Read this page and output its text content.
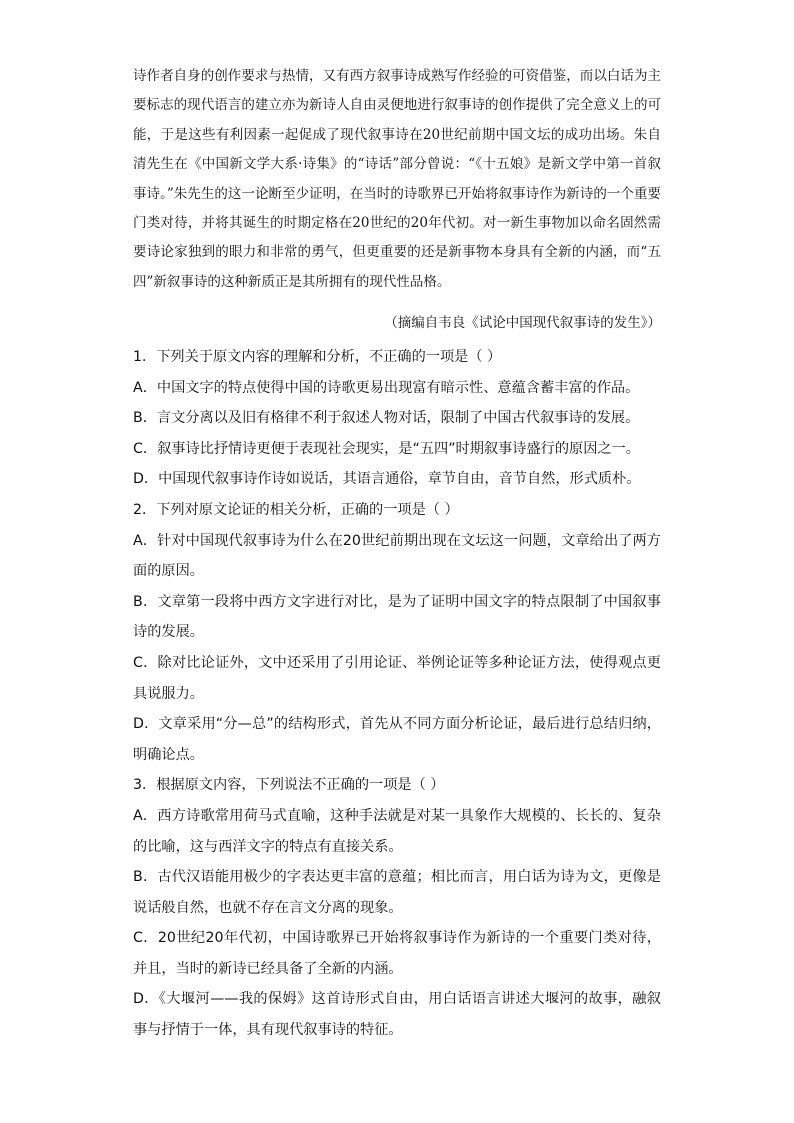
诗作者自身的创作要求与热情，又有西方叙事诗成熟写作经验的可资借鉴，而以白话为主要标志的现代语言的建立亦为新诗人自由灵便地进行叙事诗的创作提供了完全意义上的可能，于是这些有利因素一起促成了现代叙事诗在20世纪前期中国文坛的成功出场。朱自清先生在《中国新文学大系·诗集》的“诗话”部分曾说：“《十五娘》是新文学中第一首叙事诗。”朱先生的这一论断至少证明，在当时的诗歌界已开始将叙事诗作为新诗的一个重要门类对待，并将其诞生的时期定格在20世纪的20年代初。对一新生事物加以命名固然需要诗论家独到的眼力和非常的勇气，但更重要的还是新事物本身具有全新的内涵，而“五四”新叙事诗的这种新质正是其所拥有的现代性品格。

（摘编自韦良《试论中国现代叙事诗的发生》）

1．下列关于原文内容的理解和分析，不正确的一项是（ ）

A．中国文字的特点使得中国的诗歌更易出现富有暗示性、意蕴含蓄丰富的作品。

B．言文分离以及旧有格律不利于叙述人物对话，限制了中国古代叙事诗的发展。

C．叙事诗比抒情诗更便于表现社会现实，是“五四”时期叙事诗盛行的原因之一。

D．中国现代叙事诗作诗如说话，其语言通俗，章节自由，音节自然，形式质朴。

2．下列对原文论证的相关分析，正确的一项是（ ）

A．针对中国现代叙事诗为什么在20世纪前期出现在文坛这一问题，文章给出了两方面的原因。

B．文章第一段将中西方文字进行对比，是为了证明中国文字的特点限制了中国叙事诗的发展。

C．除对比论证外，文中还采用了引用论证、举例论证等多种论证方法，使得观点更具说服力。

D．文章采用“分—总”的结构形式，首先从不同方面分析论证，最后进行总结归纳，明确论点。

3．根据原文内容，下列说法不正确的一项是（ ）

A．西方诗歌常用荷马式直喻，这种手法就是对某一具象作大规模的、长长的、复杂的比喻，这与西洋文字的特点有直接关系。

B．古代汉语能用极少的字表达更丰富的意蕴；相比而言，用白话为诗为文，更像是说话般自然，也就不存在言文分离的现象。

C．20世纪20年代初，中国诗歌界已开始将叙事诗作为新诗的一个重要门类对待，并且，当时的新诗已经具备了全新的内涵。

D．《大堰河——我的保姆》这首诗形式自由，用白话语言讲述大堰河的故事，融叙事与抒情于一体，具有现代叙事诗的特征。
